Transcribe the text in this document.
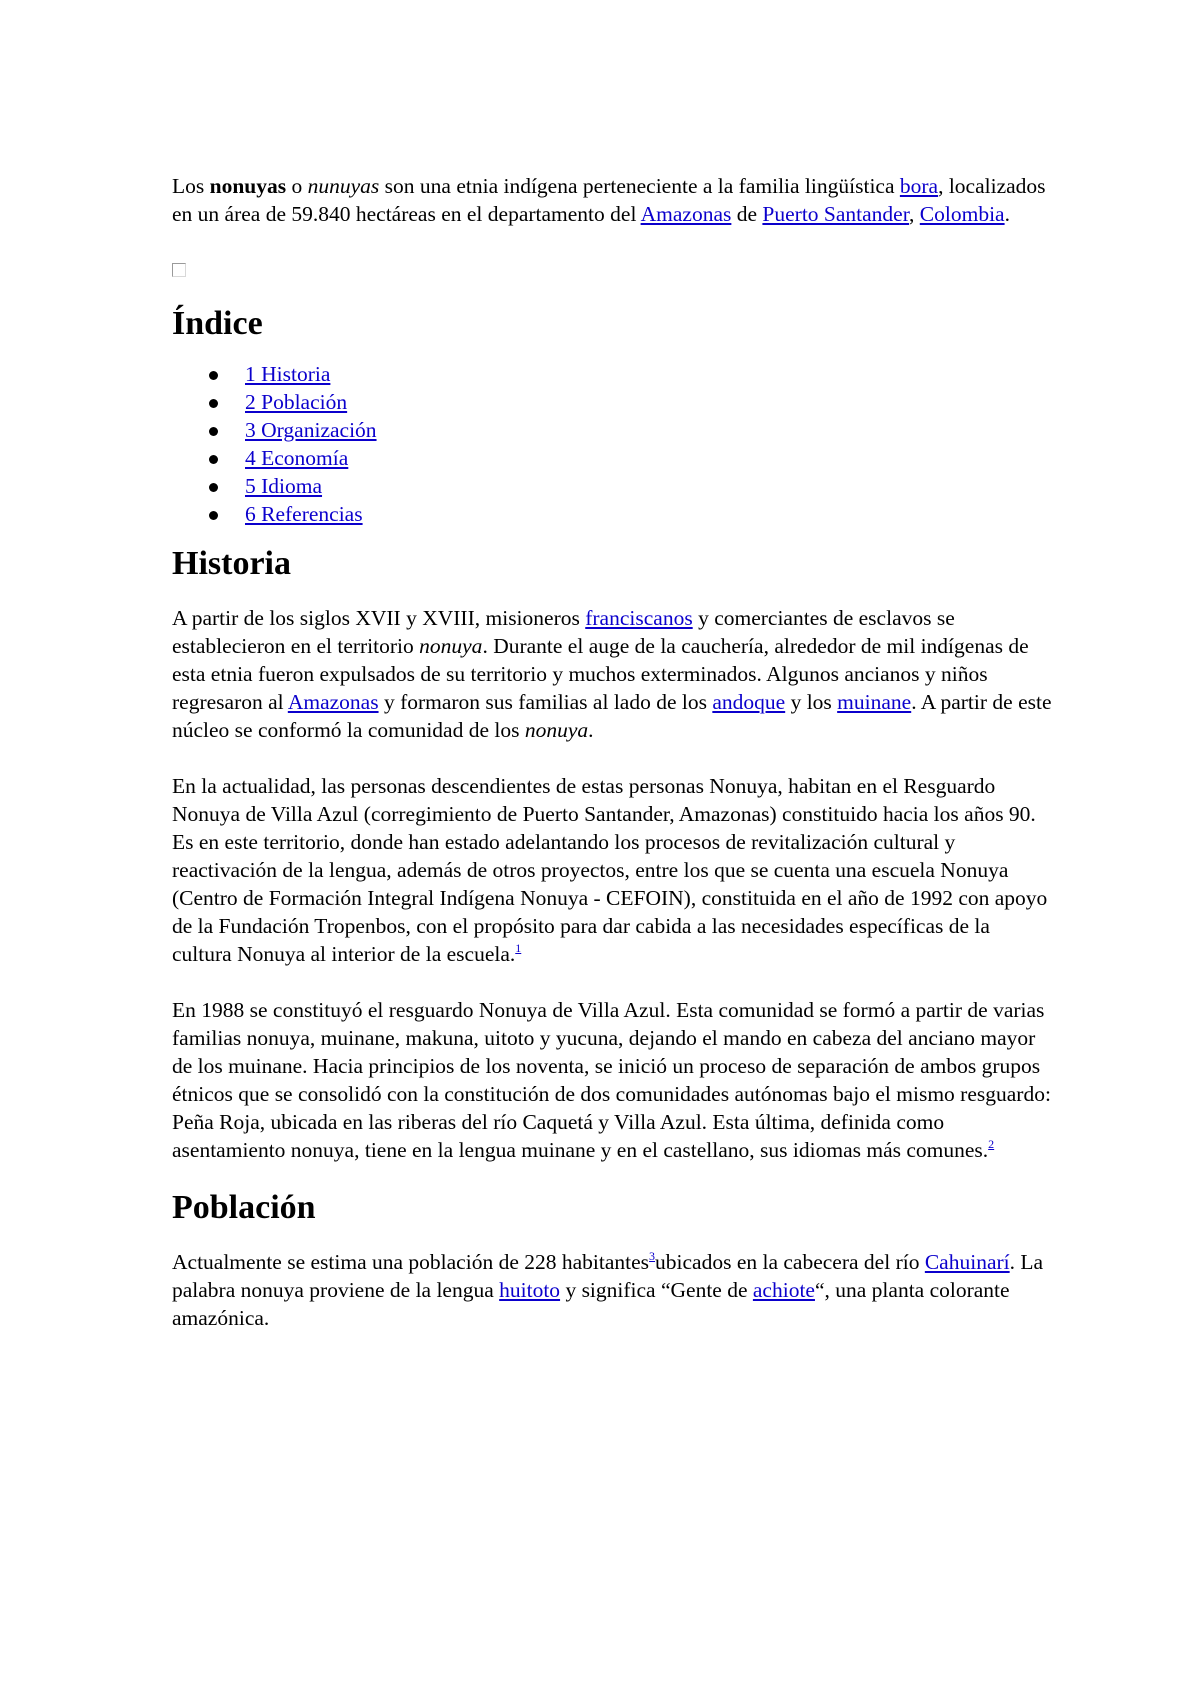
Los nonuyas o nunuyas son una etnia indígena perteneciente a la familia lingüística bora, localizados en un área de 59.840 hectáreas en el departamento del Amazonas de Puerto Santander, Colombia.

Índice
1 Historia
2 Población
3 Organización
4 Economía
5 Idioma
6 Referencias
Historia

A partir de los siglos XVII y XVIII, misioneros franciscanos y comerciantes de esclavos se establecieron en el territorio nonuya. Durante el auge de la cauchería, alrededor de mil indígenas de esta etnia fueron expulsados de su territorio y muchos exterminados. Algunos ancianos y niños regresaron al Amazonas y formaron sus familias al lado de los andoque y los muinane. A partir de este núcleo se conformó la comunidad de los nonuya.

En la actualidad, las personas descendientes de estas personas Nonuya, habitan en el Resguardo Nonuya de Villa Azul (corregimiento de Puerto Santander, Amazonas) constituido hacia los años 90. Es en este territorio, donde han estado adelantando los procesos de revitalización cultural y reactivación de la lengua, además de otros proyectos, entre los que se cuenta una escuela Nonuya (Centro de Formación Integral Indígena Nonuya - CEFOIN), constituida en el año de 1992 con apoyo de la Fundación Tropenbos, con el propósito para dar cabida a las necesidades específicas de la cultura Nonuya al interior de la escuela.$^1$

En 1988 se constituyó el resguardo Nonuya de Villa Azul. Esta comunidad se formó a partir de varias familias nonuya, muinane, makuna, uitoto y yucuna, dejando el mando en cabeza del anciano mayor de los muinane. Hacia principios de los noventa, se inició un proceso de separación de ambos grupos étnicos que se consolidó con la constitución de dos comunidades autónomas bajo el mismo resguardo: Peña Roja, ubicada en las riberas del río Caquetá y Villa Azul. Esta última, definida como asentamiento nonuya, tiene en la lengua muinane y en el castellano, sus idiomas más comunes.$^2$

Población

Actualmente se estima una población de 228 habitantes$^3$ubicados en la cabecera del río Cahuinarí. La palabra nonuya proviene de la lengua huitoto y significa “Gente de achiote“, una planta colorante amazónica.
